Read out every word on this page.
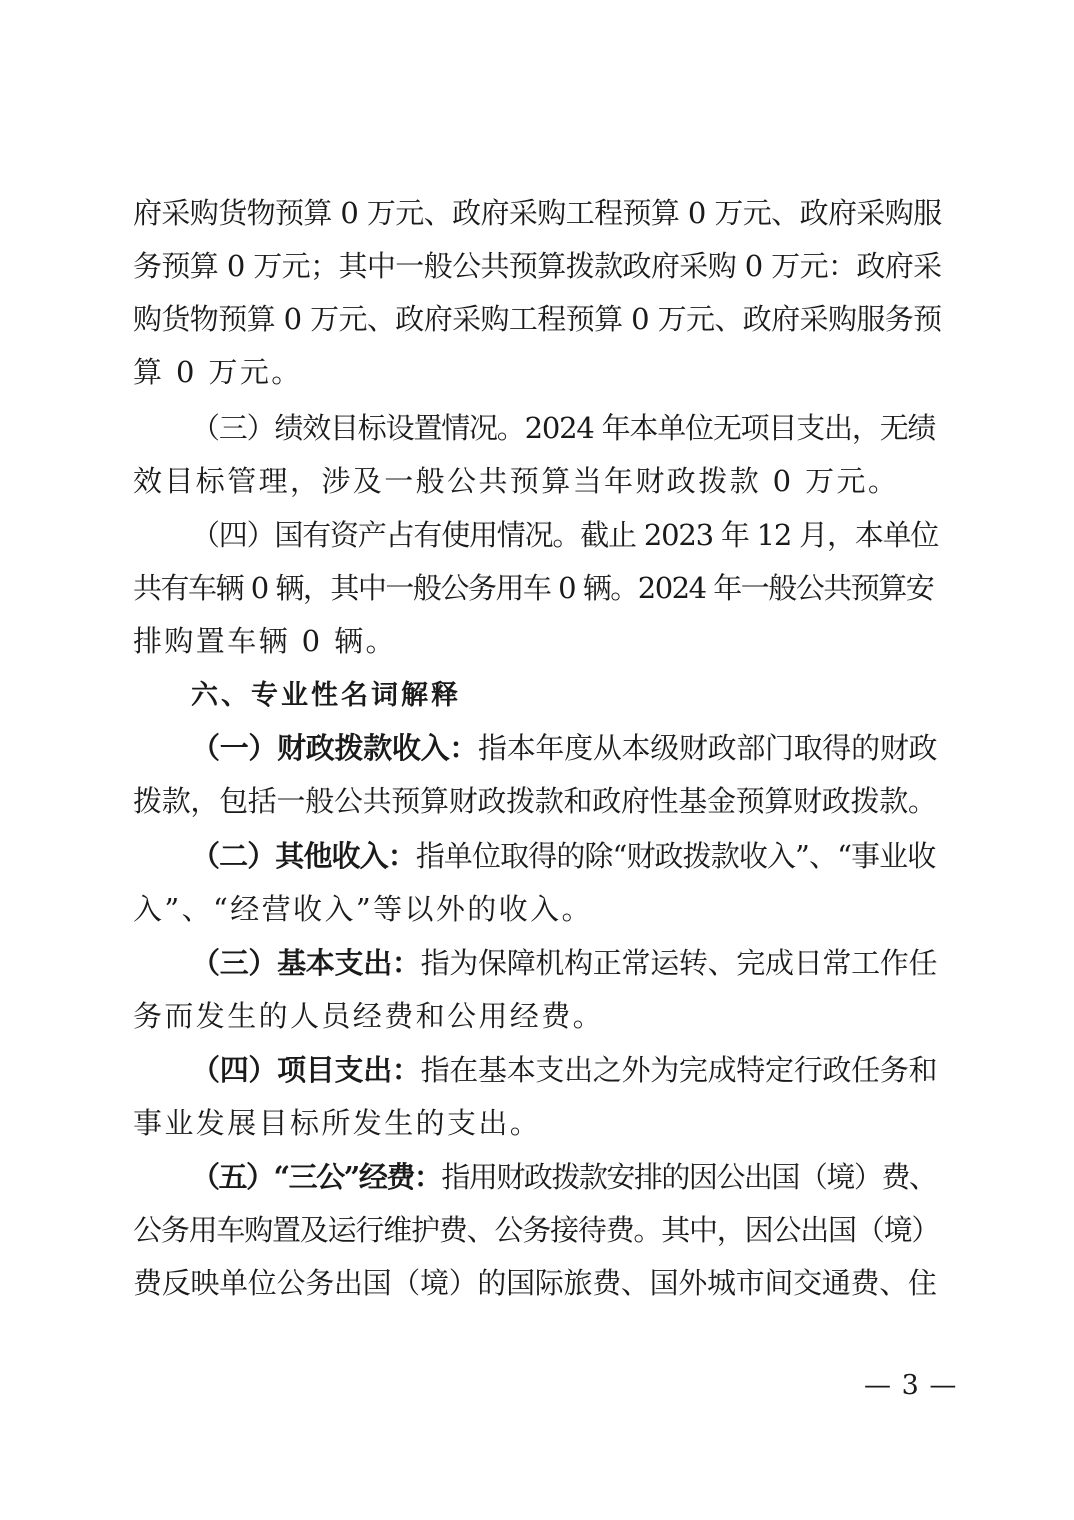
府采购货物预算 0 万元、政府采购工程预算 0 万元、政府采购服

务预算 0 万元；其中一般公共预算拨款政府采购 0 万元：政府采

购货物预算 0 万元、政府采购工程预算 0 万元、政府采购服务预

算 0 万元。

（三）绩效目标设置情况。2024 年本单位无项目支出，无绩

效目标管理，涉及一般公共预算当年财政拨款 0 万元。

（四）国有资产占有使用情况。截止 2023 年 12 月，本单位

共有车辆 0 辆，其中一般公务用车 0 辆。2024 年一般公共预算安

排购置车辆 0 辆。

六、专业性名词解释

（一）财政拨款收入：指本年度从本级财政部门取得的财政

拨款，包括一般公共预算财政拨款和政府性基金预算财政拨款。

（二）其他收入：指单位取得的除“财政拨款收入”、“事业收

入”、“经营收入”等以外的收入。

（三）基本支出：指为保障机构正常运转、完成日常工作任

务而发生的人员经费和公用经费。

（四）项目支出：指在基本支出之外为完成特定行政任务和

事业发展目标所发生的支出。

（五）“三公”经费：指用财政拨款安排的因公出国（境）费、

公务用车购置及运行维护费、公务接待费。其中，因公出国（境）

费反映单位公务出国（境）的国际旅费、国外城市间交通费、住

— 3 —
